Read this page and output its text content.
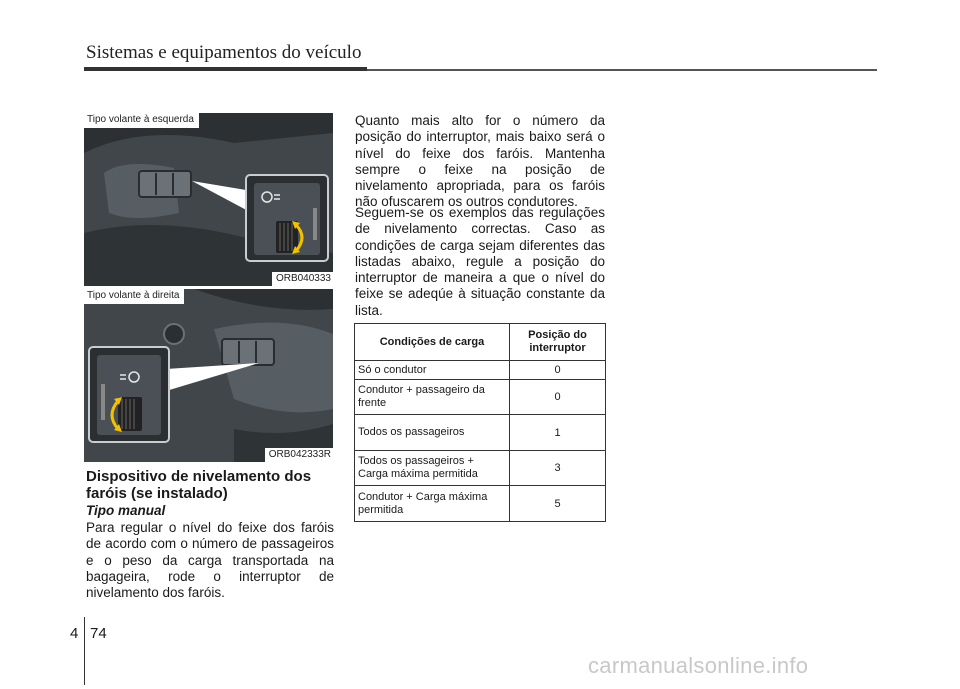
Sistemas e equipamentos do veículo
Tipo volante à esquerda
ORB040333
Tipo volante à direita
ORB042333R
Dispositivo de nivelamento dos faróis (se instalado)
Tipo manual

Para regular o nível do feixe dos faróis de acordo com o número de passageiros e o peso da carga transportada na bagageira, rode o interruptor de nivelamento dos faróis.

Quanto mais alto for o número da posição do interruptor, mais baixo será o nível do feixe dos faróis. Mantenha sempre o feixe na posição de nivelamento apropriada, para os faróis não ofuscarem os outros condutores.

Seguem-se os exemplos das regulações de nivelamento correctas. Caso as condições de carga sejam diferentes das listadas abaixo, regule a posição do interruptor de maneira a que o nível do feixe se adeqúe à situação constante da lista.

Condições de carga	Posição do interruptor
Só o condutor	0
Condutor + passageiro da frente	0
Todos os passageiros	1
Todos os passageiros + Carga máxima permitida	3
Condutor + Carga máxima permitida	5
4 74
carmanualsonline.info
